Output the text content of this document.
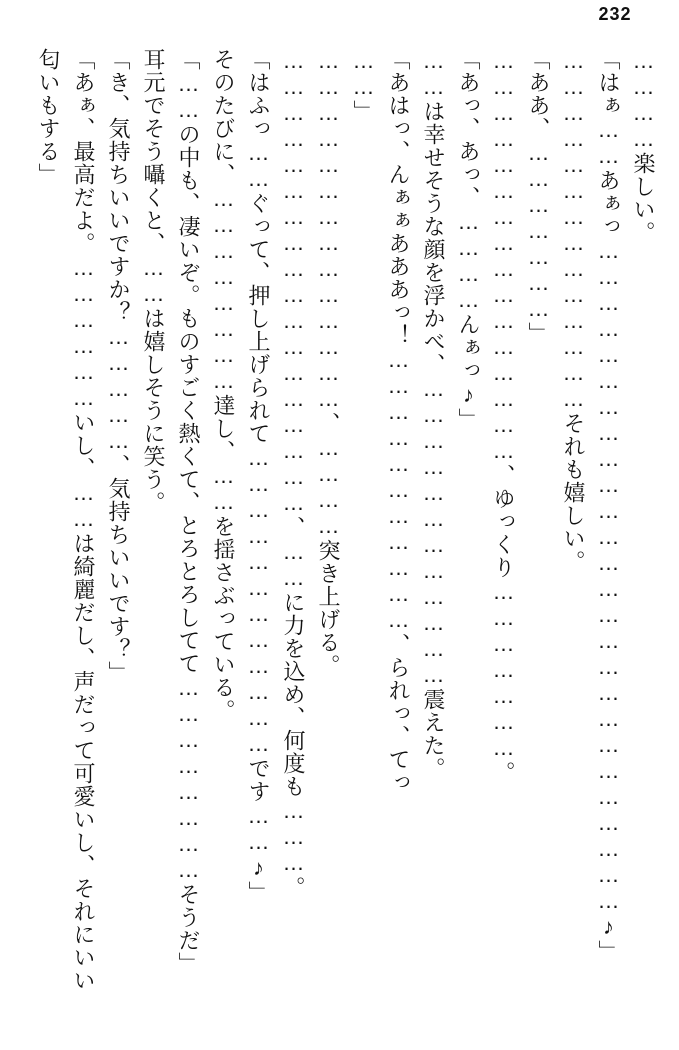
232
…………楽しい。
「はぁ……あぁっ……………………………………………………………………♪」
……………………………………それも嬉しい。
「ああ、…………………」
…………………………………………、ゆっくり…………………。
「あっ、あっ、…………んぁっ♪」
……は幸せそうな顔を浮かべ、………………………………震えた。
「あはっ、んぁぁあああっ！……………………………、られっ、てっ
……」
……………………………………、…………突き上げる。
………………………………………………、……に力を込め、何度も………。
「はふっ……ぐって、押し上げられて………………………………です……♪」
そのたびに、……………………達し、……を揺さぶっている。
「……の中も、凄いぞ。ものすごく熱くて、とろとろしてて……………………そうだ」
耳元でそう囁くと、……は嬉しそうに笑う。
「き、気持ちいいですか？……………、気持ちいいです？」
「あぁ、最高だよ。………………いし、……は綺麗だし、声だって可愛いし、それにいい
匂いもする」
